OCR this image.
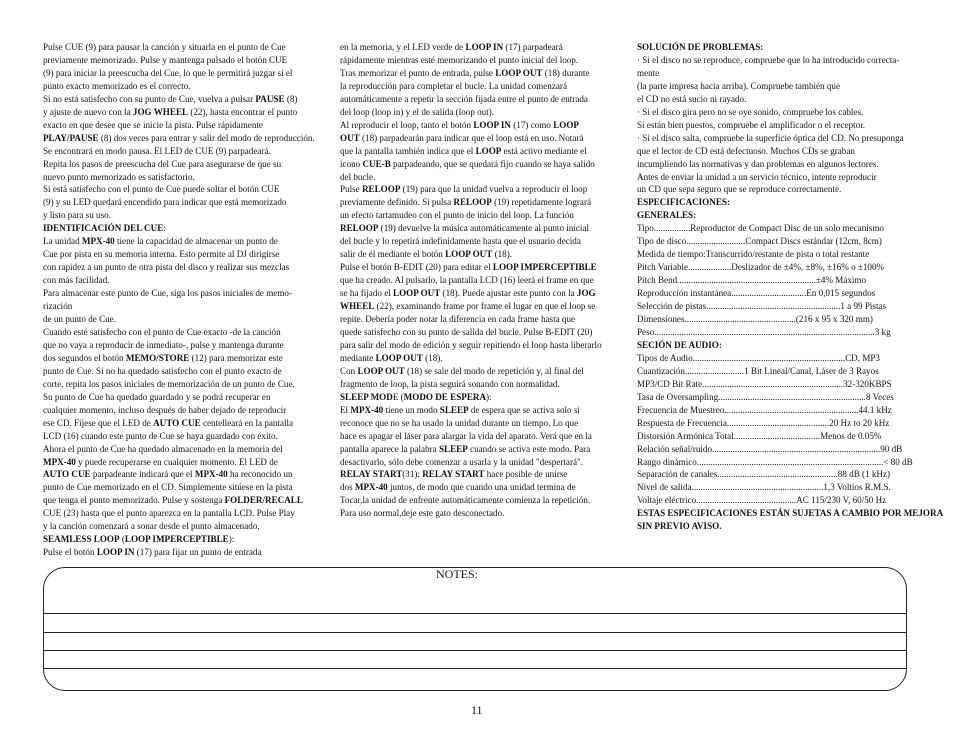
Pulse CUE (9) para pausar la canción y situarla en el punto de Cue

previamente memorizado. Pulse y mantenga pulsado el botón CUE

(9) para iniciar la preescucha del Cue, lo que le permitirá juzgar si el

punto exacto memorizado es el correcto.

Si no está satisfecho con su punto de Cue, vuelva a pulsar PAUSE (8)

y ajuste de nuevo con la JOG WHEEL (22), hasta encontrar el punto

exacto en que desee que se inicie la pista. Pulse rápidamente

PLAY/PAUSE (8) dos veces para entrar y salir del modo de reproducción.

Se encontrará en modo pausa. El LED de CUE (9) parpadeará.

Repita los pasos de preescucha del Cue para asegurarse de que su

nuevo punto memorizado es satisfactorio.

Si está satisfecho con el punto de Cue puede soltar el botón CUE

(9) y su LED quedará encendido para indicar que está memorizado

y listo para su uso.

IDENTIFICACIÓN DEL CUE:

La unidad MPX-40 tiene la capacidad de almacenar un punto de

Cue por pista en su memoria interna. Esto permite al DJ dirigirse

con rapidez a un punto de otra pista del disco y realizar sus mezclas

con más facilidad.

Para almacenar este punto de Cue, siga los pasos iniciales de memo-

rización

de un punto de Cue.

Cuando esté satisfecho con el punto de Cue exacto -de la canción

que no vaya a reproducir de inmediato-, pulse y mantenga durante

dos segundos el botón MEMO/STORE (12) para memorizar este

punto de Cue. Si no ha quedado satisfecho con el punto exacto de

corte, repita los pasos iniciales de memorización de un punto de Cue.

Su punto de Cue ha quedado guardado y se podrá recuperar en

cualquier momento, incluso después de haber dejado de reproducir

ese CD. Fíjese que el LED de AUTO CUE centelleará en la pantalla

LCD (16) cuando este punto de Cue se haya guardado con éxito.

Ahora el punto de Cue ha quedado almacenado en la memoria del

MPX-40 y puede recuperarse en cualquier momento. El LED de

AUTO CUE parpadeante indicará que el MPX-40 ha reconocido un

punto de Cue memorizado en el CD. Simplemente sitúese en la pista

que tenga el punto memorizado. Pulse y sostenga FOLDER/RECALL

CUE (23) hasta que el punto aparezca en la pantalla LCD. Pulse Play

y la canción comenzará a sonar desde el punto almacenado.

SEAMLESS LOOP (LOOP IMPERCEPTIBLE):

Pulse el botón LOOP IN (17) para fijar un punto de entrada

en la memoria, y el LED verde de LOOP IN (17) parpadeará

rápidamente mientras esté memorizando el punto inicial del loop.

Tras memorizar el punto de entrada, pulse LOOP OUT (18) durante

la reproducción para completar el bucle. La unidad comenzará

automáticamente a repetir la sección fijada entre el punto de entrada

del loop (loop in) y el de salida (loop out).

Al reproducir el loop, tanto el botón LOOP IN (17) como LOOP

OUT (18) parpadearán para indicar que el loop está en uso. Notará

que la pantalla también indica que el LOOP está activo mediante el

icono CUE-B parpadeando, que se quedará fijo cuando se haya salido

del bucle.

Pulse RELOOP (19) para que la unidad vuelva a reproducir el loop

previamente definido. Si pulsa RELOOP (19) repetidamente logrará

un efecto tartamudeo con el punto de inicio del loop. La función

RELOOP (19) devuelve la música automáticamente al punto inicial

del bucle y lo repetirá indefinidamente hasta que el usuario decida

salir de él mediante el botón LOOP OUT (18).

Pulse el botón B-EDIT (20) para editar el LOOP IMPERCEPTIBLE

que ha creado. Al pulsarlo, la pantalla LCD (16) leerá el frame en que

se ha fijado el LOOP OUT (18). Puede ajustar este punto con la JOG

WHEEL (22), examinando frame por frame el lugar en que el loop se

repite. Debería poder notar la diferencia en cada frame hasta que

quede satisfecho con su punto de salida del bucle. Pulse B-EDIT (20)

para salir del modo de edición y seguir repitiendo el loop hasta liberarlo

mediante LOOP OUT (18).

Con LOOP OUT (18) se sale del modo de repetición y, al final del

fragmento de loop, la pista seguirá sonando con normalidad.

SLEEP MODE (MODO DE ESPERA):

El MPX-40 tiene un modo SLEEP de espera que se activa solo si

reconoce que no se ha usado la unidad durante un tiempo. Lo que

hace es apagar el láser para alargar la vida del aparato. Verá que en la

pantalla aparece la palabra SLEEP cuando se activa este modo. Para

desactivarlo, sólo debe comenzar a usarla y la unidad "despertará".

RELAY START(31): RELAY START hace posible de unirse

dos MPX-40 juntos, de modo que cuando una unidad termina de

Tocar,la unidad de enfrente automáticamente comienza la repetición.

Para uso normal,deje este gato desconectado.

SOLUCIÓN DE PROBLEMAS:

· Si el disco no se reproduce, compruebe que lo ha introducido correcta-

mente

(la parte impresa hacia arriba). Compruebe también que

el CD no está sucio ni rayado.

· Si el disco gira pero no se oye sonido, compruebe los cables.

Si están bien puestos, compruebe el amplificador o el receptor.

· Si el disco salta, compruebe la superficie óptica del CD. No presuponga

que el lector de CD está defectuoso. Muchos CDs se graban

incumpliendo las normativas y dan problemas en algunos lectores.

Antes de enviar la unidad a un servicio técnico, intente reproducir

un CD que sepa seguro que se reproduce correctamente.

ESPECIFICACIONES:

GENERALES:

Tipo................Reproductor de Compact Disc de un solo mecanismo

Tipo de disco..........................Compact Discs estándar (12cm, 8cm)

Medida de tiempo:Transcurrido/restante de pista o total restante

Pitch Variable...................Deslizador de ±4%, ±8%, ±16% o ±100%

Pitch Bend.............................................................±4% Máximo

Reproducción instantánea.................................En 0,015 segundos

Selección de pistas...........................................................1 a 99 Pistas

Dimensiones.................................................(216 x 95 x 320 mm)

Peso.................................................................................................3 kg

SECIÓN DE AUDIO:

Tipos de Audio...................................................................CD, MP3

Cuantización..........................1 Bit Lineal/Canal, Láser de 3 Rayos

MP3/CD Bit Rate..............................................................32-320KBPS

Tasa de Oversampling.................................................................8 Veces

Frecuencia de Muestreo...........................................................44.1 kHz

Respuesta de Frecuencia.............................................20 Hz to 20 kHz

Distorsión Armónica Total......................................Menos de 0.05%

Relación señal/ruido..........................................................................90 dB

Rango dinámico..................................................................................< 80 dB

Separación de canales.....................................................88 dB (1 kHz)

Nivel de salida..........................................................1,3 Voltios R.M.S.

Voltaje eléctrico............................................AC 115/230 V, 60/50 Hz

ESTAS ESPECIFICACIONES ESTÁN SUJETAS A CAMBIO POR MEJORA

SIN PREVIO AVISO.

NOTES:
11
